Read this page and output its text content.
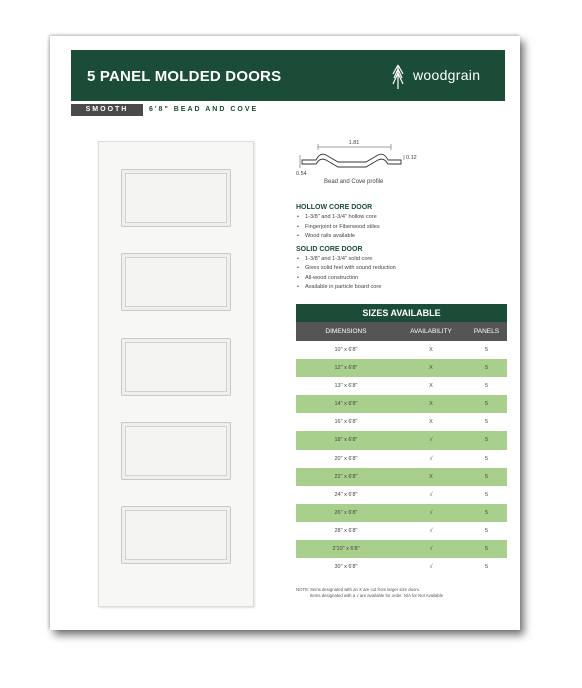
5 PANEL MOLDED DOORS	woodgrain
SMOOTH	6'8" BEAD AND COVE
1.81
0.12
0.54
Bead and Cove profile
HOLLOW CORE DOOR
• 1-3/8" and 1-3/4" hollow core
• Fingerjoint or Fiberwood stiles
• Wood rails available
SOLID CORE DOOR
• 1-3/8" and 1-3/4" solid core
• Gives solid feel with sound reduction
• All-wood construction
• Available in particle board core
SIZES AVAILABLE
DIMENSIONS	AVAILABILITY	PANELS
10" x 6'8"	X	5
12" x 6'8"	X	5
13" x 6'8"	X	5
14" x 6'8"	X	5
16" x 6'8"	X	5
18" x 6'8"	√	5
20" x 6'8"	√	5
22" x 6'8"	X	5
24" x 6'8"	√	5
26" x 6'8"	√	5
28" x 6'8"	√	5
2'10" x 6'8"	√	5
30" x 6'8"	√	5

NOTE: Items designated with an X are cut from larger size doors.

Items designated with a √ are available for order. N/A for Not Available
